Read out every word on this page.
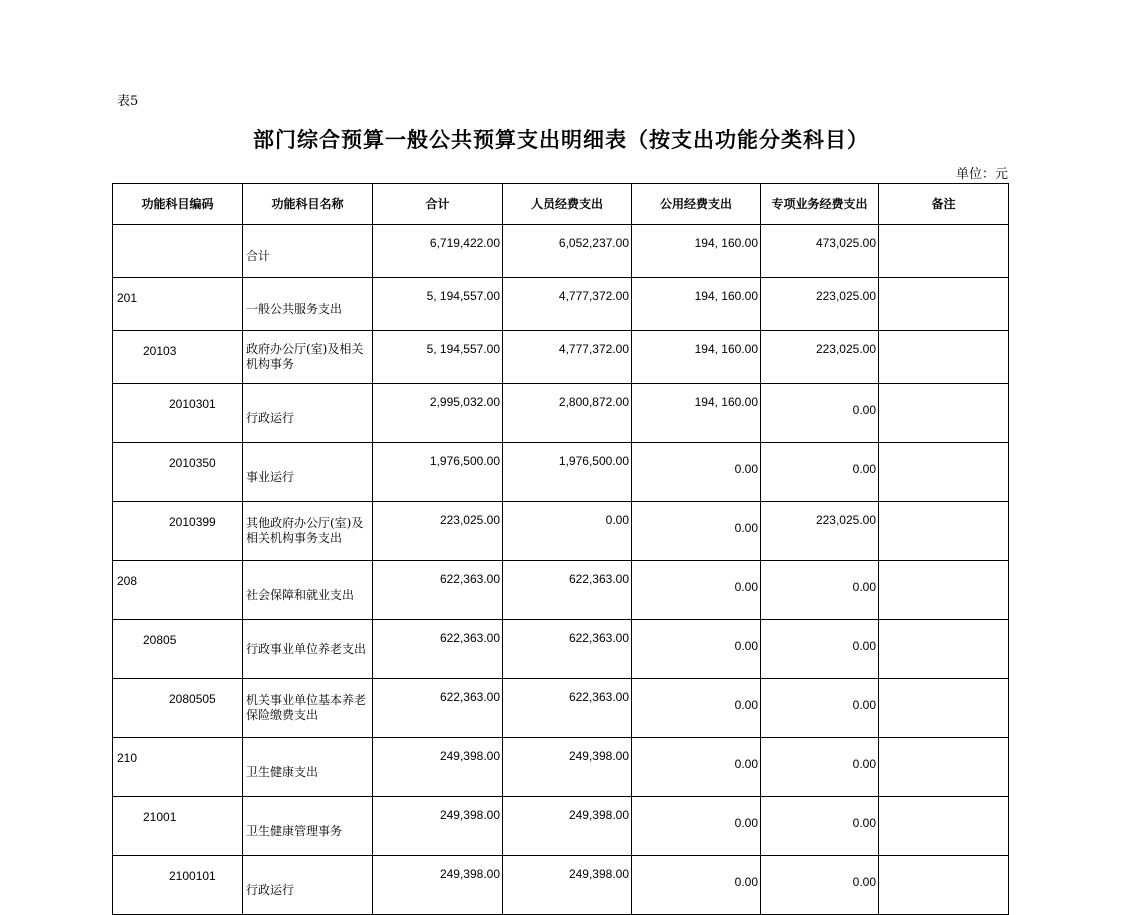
表5
部门综合预算一般公共预算支出明细表（按支出功能分类科目）
单位：元
功能科目编码	功能科目名称	合计	人员经费支出	公用经费支出	专项业务经费支出	备注

	合计	6,719,422.00	6,052,237.00	194, 160.00	473,025.00	
201	一般公共服务支出	5, 194,557.00	4,777,372.00	194, 160.00	223,025.00	
20103	政府办公厅(室)及相关机构事务	5, 194,557.00	4,777,372.00	194, 160.00	223,025.00	
2010301	行政运行	2,995,032.00	2,800,872.00	194, 160.00	0.00	
2010350	事业运行	1,976,500.00	1,976,500.00	0.00	0.00	
2010399	其他政府办公厅(室)及相关机构事务支出	223,025.00	0.00	0.00	223,025.00	
208	社会保障和就业支出	622,363.00	622,363.00	0.00	0.00	
20805	行政事业单位养老支出	622,363.00	622,363.00	0.00	0.00	
2080505	机关事业单位基本养老保险缴费支出	622,363.00	622,363.00	0.00	0.00	
210	卫生健康支出	249,398.00	249,398.00	0.00	0.00	
21001	卫生健康管理事务	249,398.00	249,398.00	0.00	0.00	
2100101	行政运行	249,398.00	249,398.00	0.00	0.00	
